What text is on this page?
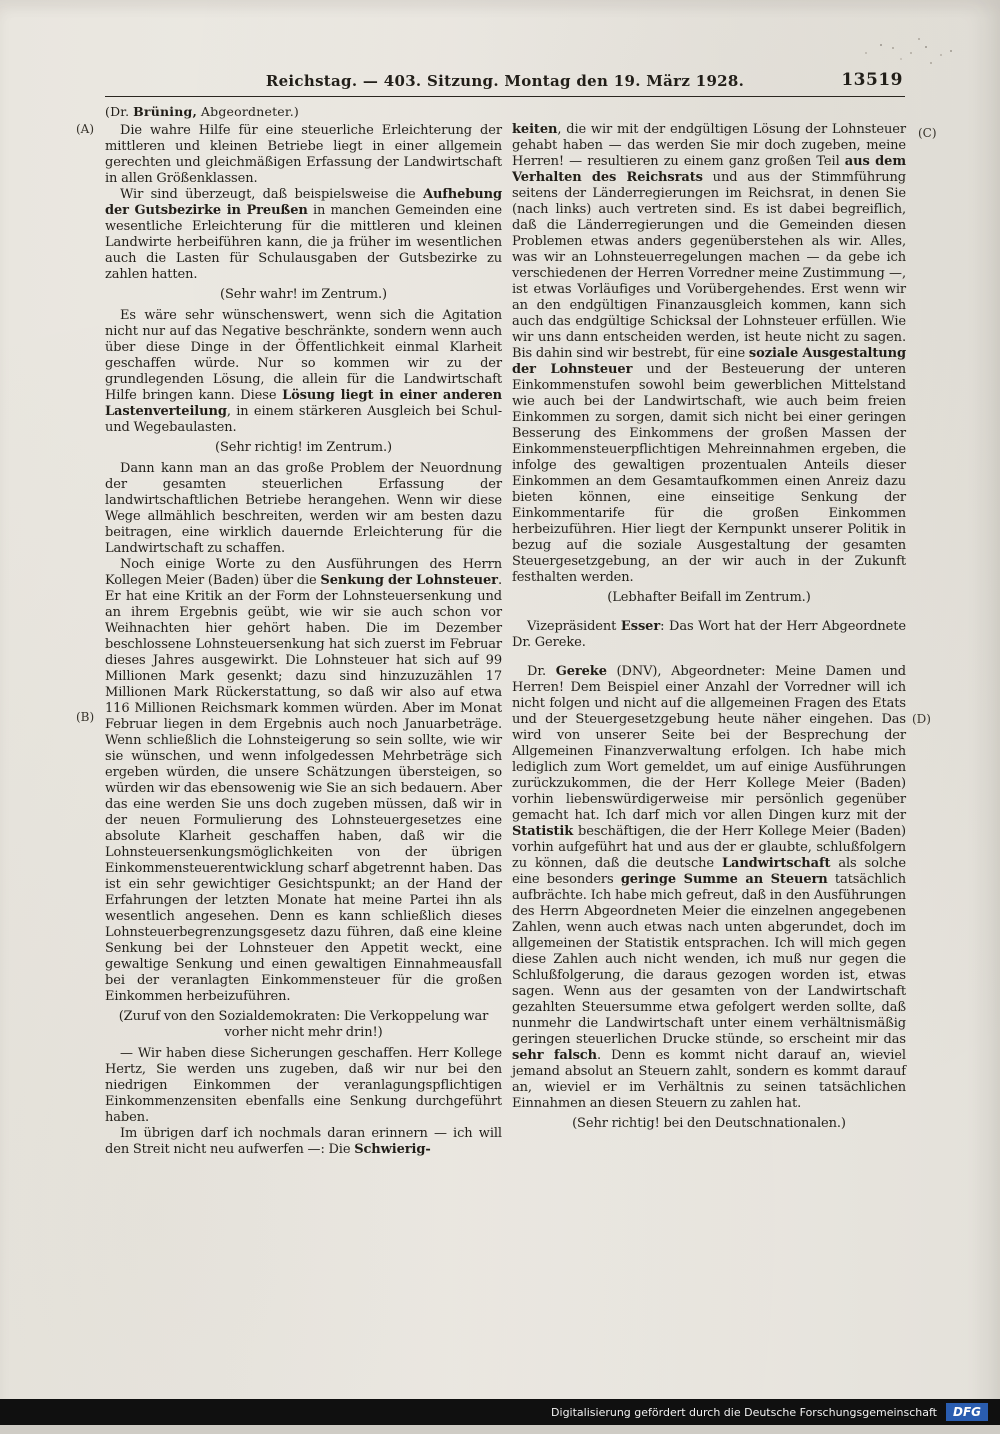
Reichstag. — 403. Sitzung. Montag den 19. März 1928.	13519
(A)
(B)
(C)
(D)

(Dr. Brüning, Abgeordneter.)

Die wahre Hilfe für eine steuerliche Erleichterung der mittleren und kleinen Betriebe liegt in einer allgemein gerechten und gleichmäßigen Erfassung der Landwirtschaft in allen Größenklassen.

Wir sind überzeugt, daß beispielsweise die Aufhebung der Gutsbezirke in Preußen in manchen Gemeinden eine wesentliche Erleichterung für die mittleren und kleinen Landwirte herbeiführen kann, die ja früher im wesentlichen auch die Lasten für Schulausgaben der Gutsbezirke zu zahlen hatten.

(Sehr wahr! im Zentrum.)

Es wäre sehr wünschenswert, wenn sich die Agitation nicht nur auf das Negative beschränkte, sondern wenn auch über diese Dinge in der Öffentlichkeit einmal Klarheit geschaffen würde. Nur so kommen wir zu der grundlegenden Lösung, die allein für die Landwirtschaft Hilfe bringen kann. Diese Lösung liegt in einer anderen Lastenverteilung, in einem stärkeren Ausgleich bei Schul- und Wegebaulasten.

(Sehr richtig! im Zentrum.)

Dann kann man an das große Problem der Neuordnung der gesamten steuerlichen Erfassung der landwirtschaftlichen Betriebe herangehen. Wenn wir diese Wege allmählich beschreiten, werden wir am besten dazu beitragen, eine wirklich dauernde Erleichterung für die Landwirtschaft zu schaffen.

Noch einige Worte zu den Ausführungen des Herrn Kollegen Meier (Baden) über die Senkung der Lohnsteuer. Er hat eine Kritik an der Form der Lohnsteuersenkung und an ihrem Ergebnis geübt, wie wir sie auch schon vor Weihnachten hier gehört haben. Die im Dezember beschlossene Lohnsteuersenkung hat sich zuerst im Februar dieses Jahres ausgewirkt. Die Lohnsteuer hat sich auf 99 Millionen Mark gesenkt; dazu sind hinzuzuzählen 17 Millionen Mark Rückerstattung, so daß wir also auf etwa 116 Millionen Reichsmark kommen würden. Aber im Monat Februar liegen in dem Ergebnis auch noch Januarbeträge. Wenn schließlich die Lohnsteigerung so sein sollte, wie wir sie wünschen, und wenn infolgedessen Mehrbeträge sich ergeben würden, die unsere Schätzungen übersteigen, so würden wir das ebensowenig wie Sie an sich bedauern. Aber das eine werden Sie uns doch zugeben müssen, daß wir in der neuen Formulierung des Lohnsteuergesetzes eine absolute Klarheit geschaffen haben, daß wir die Lohnsteuersenkungsmöglichkeiten von der übrigen Einkommensteuerentwicklung scharf abgetrennt haben. Das ist ein sehr gewichtiger Gesichtspunkt; an der Hand der Erfahrungen der letzten Monate hat meine Partei ihn als wesentlich angesehen. Denn es kann schließlich dieses Lohnsteuerbegrenzungsgesetz dazu führen, daß eine kleine Senkung bei der Lohnsteuer den Appetit weckt, eine gewaltige Senkung und einen gewaltigen Einnahmeausfall bei der veranlagten Einkommensteuer für die großen Einkommen herbeizuführen.

(Zuruf von den Sozialdemokraten: Die Verkoppelung war vorher nicht mehr drin!)

— Wir haben diese Sicherungen geschaffen. Herr Kollege Hertz, Sie werden uns zugeben, daß wir nur bei den niedrigen Einkommen der veranlagungspflichtigen Einkommenzensiten ebenfalls eine Senkung durchgeführt haben.

Im übrigen darf ich nochmals daran erinnern — ich will den Streit nicht neu aufwerfen —: Die Schwierig-

keiten, die wir mit der endgültigen Lösung der Lohnsteuer gehabt haben — das werden Sie mir doch zugeben, meine Herren! — resultieren zu einem ganz großen Teil aus dem Verhalten des Reichsrats und aus der Stimmführung seitens der Länderregierungen im Reichsrat, in denen Sie (nach links) auch vertreten sind. Es ist dabei begreiflich, daß die Länderregierungen und die Gemeinden diesen Problemen etwas anders gegenüberstehen als wir. Alles, was wir an Lohnsteuerregelungen machen — da gebe ich verschiedenen der Herren Vorredner meine Zustimmung —, ist etwas Vorläufiges und Vorübergehendes. Erst wenn wir an den endgültigen Finanzausgleich kommen, kann sich auch das endgültige Schicksal der Lohnsteuer erfüllen. Wie wir uns dann entscheiden werden, ist heute nicht zu sagen. Bis dahin sind wir bestrebt, für eine soziale Ausgestaltung der Lohnsteuer und der Besteuerung der unteren Einkommenstufen sowohl beim gewerblichen Mittelstand wie auch bei der Landwirtschaft, wie auch beim freien Einkommen zu sorgen, damit sich nicht bei einer geringen Besserung des Einkommens der großen Massen der Einkommensteuerpflichtigen Mehreinnahmen ergeben, die infolge des gewaltigen prozentualen Anteils dieser Einkommen an dem Gesamtaufkommen einen Anreiz dazu bieten können, eine einseitige Senkung der Einkommentarife für die großen Einkommen herbeizuführen. Hier liegt der Kernpunkt unserer Politik in bezug auf die soziale Ausgestaltung der gesamten Steuergesetzgebung, an der wir auch in der Zukunft festhalten werden.

(Lebhafter Beifall im Zentrum.)

Vizepräsident Esser: Das Wort hat der Herr Abgeordnete Dr. Gereke.

Dr. Gereke (DNV), Abgeordneter: Meine Damen und Herren! Dem Beispiel einer Anzahl der Vorredner will ich nicht folgen und nicht auf die allgemeinen Fragen des Etats und der Steuergesetzgebung heute näher eingehen. Das wird von unserer Seite bei der Besprechung der Allgemeinen Finanzverwaltung erfolgen. Ich habe mich lediglich zum Wort gemeldet, um auf einige Ausführungen zurückzukommen, die der Herr Kollege Meier (Baden) vorhin liebenswürdigerweise mir persönlich gegenüber gemacht hat. Ich darf mich vor allen Dingen kurz mit der Statistik beschäftigen, die der Herr Kollege Meier (Baden) vorhin aufgeführt hat und aus der er glaubte, schlußfolgern zu können, daß die deutsche Landwirtschaft als solche eine besonders geringe Summe an Steuern tatsächlich aufbrächte. Ich habe mich gefreut, daß in den Ausführungen des Herrn Abgeordneten Meier die einzelnen angegebenen Zahlen, wenn auch etwas nach unten abgerundet, doch im allgemeinen der Statistik entsprachen. Ich will mich gegen diese Zahlen auch nicht wenden, ich muß nur gegen die Schlußfolgerung, die daraus gezogen worden ist, etwas sagen. Wenn aus der gesamten von der Landwirtschaft gezahlten Steuersumme etwa gefolgert werden sollte, daß nunmehr die Landwirtschaft unter einem verhältnismäßig geringen steuerlichen Drucke stünde, so erscheint mir das sehr falsch. Denn es kommt nicht darauf an, wieviel jemand absolut an Steuern zahlt, sondern es kommt darauf an, wieviel er im Verhältnis zu seinen tatsächlichen Einnahmen an diesen Steuern zu zahlen hat.

(Sehr richtig! bei den Deutschnationalen.)

Digitalisierung gefördert durch die Deutsche Forschungsgemeinschaft	DFG
